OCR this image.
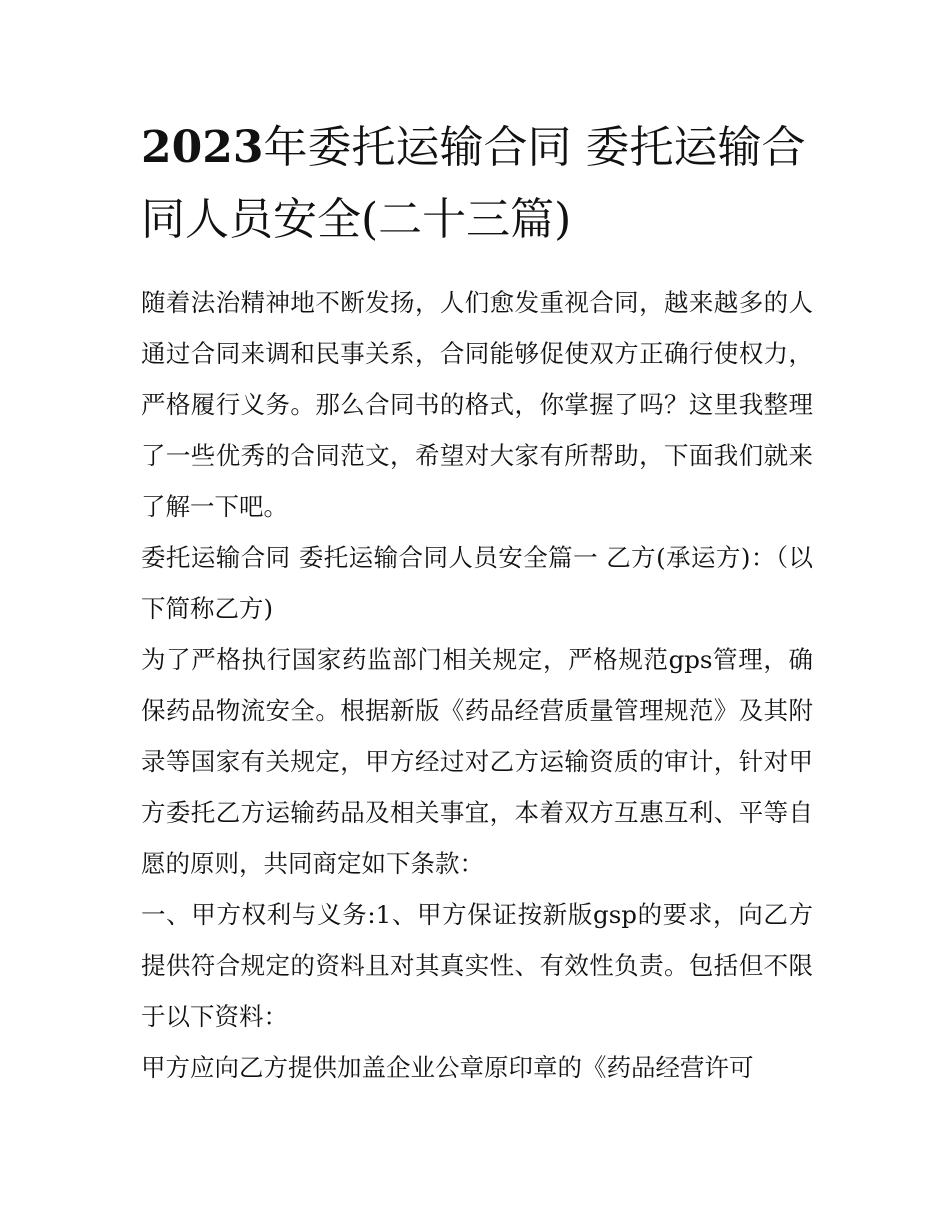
2023年委托运输合同 委托运输合同人员安全(二十三篇)

随着法治精神地不断发扬，人们愈发重视合同，越来越多的人通过合同来调和民事关系，合同能够促使双方正确行使权力，严格履行义务。那么合同书的格式，你掌握了吗？这里我整理了一些优秀的合同范文，希望对大家有所帮助，下面我们就来了解一下吧。

委托运输合同 委托运输合同人员安全篇一 乙方(承运方)：（以下简称乙方)

为了严格执行国家药监部门相关规定，严格规范gps管理，确保药品物流安全。根据新版《药品经营质量管理规范》及其附录等国家有关规定，甲方经过对乙方运输资质的审计，针对甲方委托乙方运输药品及相关事宜，本着双方互惠互利、平等自愿的原则，共同商定如下条款：

一、甲方权利与义务:1、甲方保证按新版gsp的要求，向乙方提供符合规定的资料且对其真实性、有效性负责。包括但不限于以下资料：

甲方应向乙方提供加盖企业公章原印章的《药品经营许可
